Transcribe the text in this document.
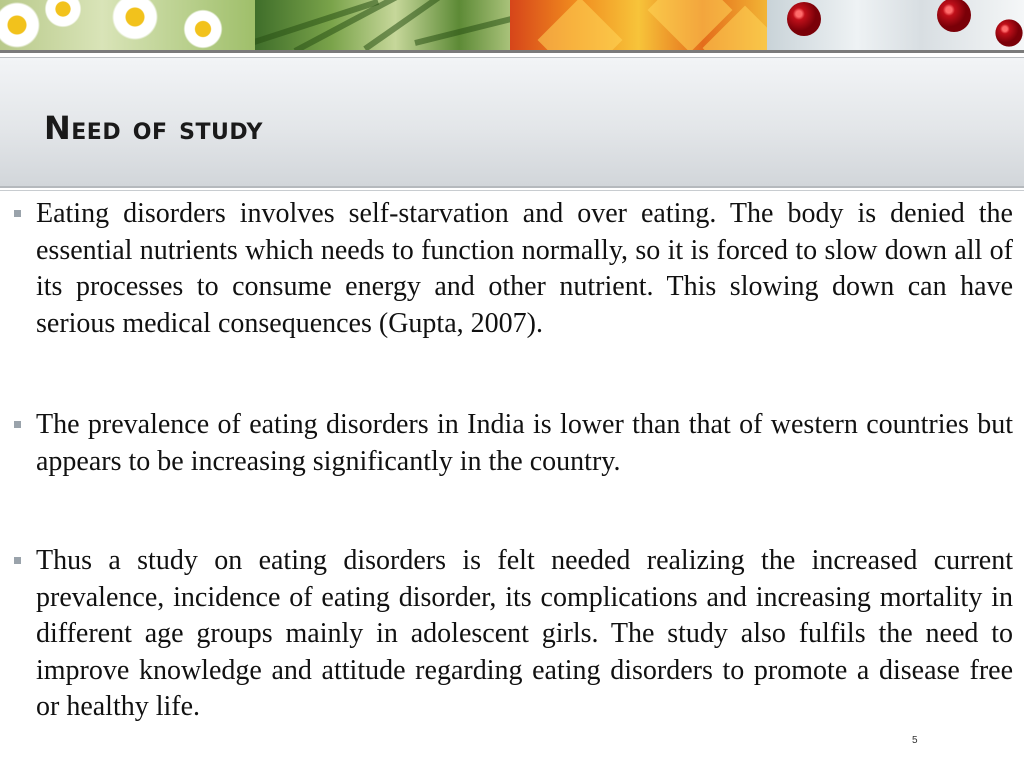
Need of study

Eating disorders involves self-starvation and over eating. The body is denied the essential nutrients which needs to function normally, so it is forced to slow down all of its processes to consume energy and other nutrient. This slowing down can have serious medical consequences (Gupta, 2007).

The prevalence of eating disorders in India is lower than that of western countries but appears to be increasing significantly in the country.

Thus a study on eating disorders is felt needed realizing the increased current prevalence, incidence of eating disorder, its complications and increasing mortality in different age groups mainly in adolescent girls. The study also fulfils the need to improve knowledge and attitude regarding eating disorders to promote a disease free or healthy life.

5
